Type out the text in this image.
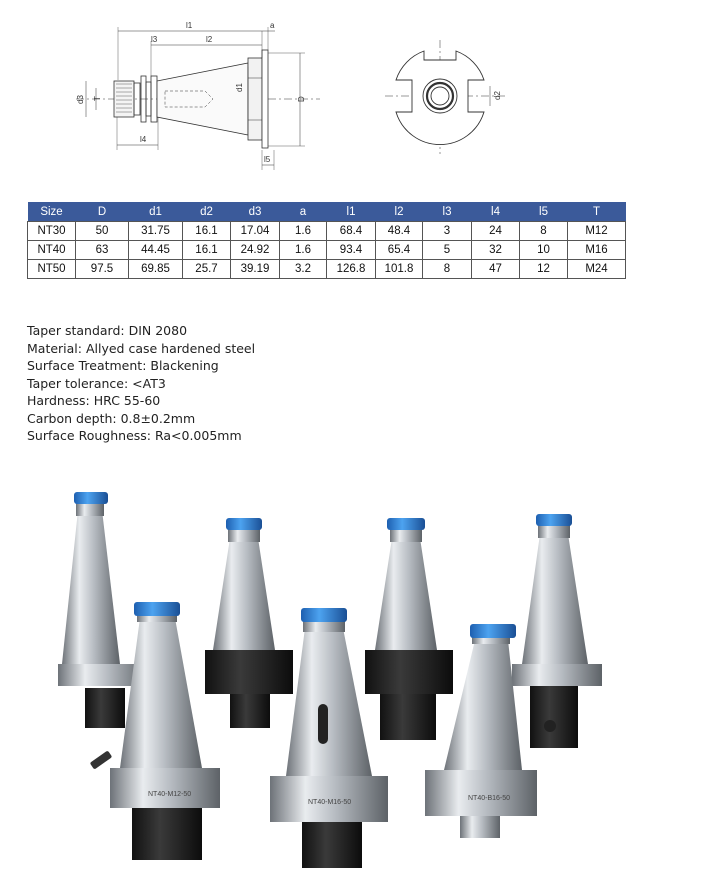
l1
l2
l3
a
d1
d3 T	D
l4
l5
d2
Size	D	d1	d2	d3	a	l1	l2	l3	l4	l5	T
NT30	50	31.75	16.1	17.04	1.6	68.4	48.4	3	24	8	M12
NT40	63	44.45	16.1	24.92	1.6	93.4	65.4	5	32	10	M16
NT50	97.5	69.85	25.7	39.19	3.2	126.8	101.8	8	47	12	M24
Taper standard: DIN 2080
Material: Allyed case hardened steel
Surface Treatment: Blackening
Taper tolerance: <AT3
Hardness: HRC 55-60
Carbon depth: 0.8±0.2mm
Surface Roughness: Ra<0.005mm
NT40-M12-50
NT40-M16-50
NT40-B16-50
